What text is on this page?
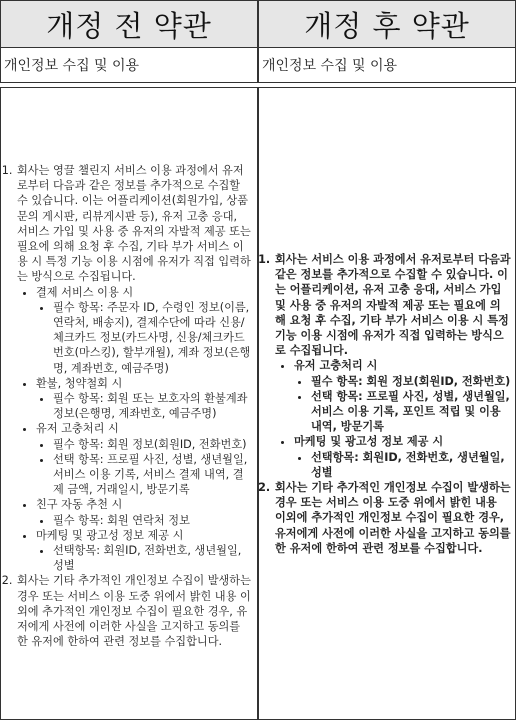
개정 전 약관	개정 후 약관
개인정보 수집 및 이용	개인정보 수집 및 이용
1. 회사는 영끌 챌린지 서비스 이용 과정에서 유저로부터 다음과 같은 정보를 추가적으로 수집할 수 있습니다. 이는 어플리케이션(회원가입, 상품문의 게시판, 리뷰게시판 등), 유저 고충 응대, 서비스 가입 및 사용 중 유저의 자발적 제공 또는 필요에 의해 요청 후 수집, 기타 부가 서비스 이용 시 특정 기능 이용 시점에 유저가 직접 입력하는 방식으로 수집됩니다.
• 결제 서비스 이용 시
• 필수 항목: 주문자 ID, 수령인 정보(이름, 연락처, 배송지), 결제수단에 따라 신용/체크카드 정보(카드사명, 신용/체크카드 번호(마스킹), 할부개월), 계좌 정보(은행명, 계좌번호, 예금주명)
• 환불, 청약철회 시
• 필수 항목: 회원 또는 보호자의 환불계좌 정보(은행명, 계좌번호, 예금주명)
• 유저 고충처리 시
• 필수 항목: 회원 정보(회원ID, 전화번호)
• 선택 항목: 프로필 사진, 성별, 생년월일, 서비스 이용 기록, 서비스 결제 내역, 결제 금액, 거래일시, 방문기록
• 친구 자동 추천 시
• 필수 항목: 회원 연락처 정보
• 마케팅 및 광고성 정보 제공 시
• 선택항목: 회원ID, 전화번호, 생년월일, 성별
2. 회사는 기타 추가적인 개인정보 수집이 발생하는 경우 또는 서비스 이용 도중 위에서 밝힌 내용 이외에 추가적인 개인정보 수집이 필요한 경우, 유저에게 사전에 이러한 사실을 고지하고 동의를 한 유저에 한하여 관련 정보를 수집합니다.
1. 회사는 서비스 이용 과정에서 유저로부터 다음과 같은 정보를 추가적으로 수집할 수 있습니다. 이는 어플리케이션, 유저 고충 응대, 서비스 가입 및 사용 중 유저의 자발적 제공 또는 필요에 의해 요청 후 수집, 기타 부가 서비스 이용 시 특정 기능 이용 시점에 유저가 직접 입력하는 방식으로 수집됩니다.
• 유저 고충처리 시
• 필수 항목: 회원 정보(회원ID, 전화번호)
• 선택 항목: 프로필 사진, 성별, 생년월일, 서비스 이용 기록, 포인트 적립 및 이용 내역, 방문기록
• 마케팅 및 광고성 정보 제공 시
• 선택항목: 회원ID, 전화번호, 생년월일, 성별
2. 회사는 기타 추가적인 개인정보 수집이 발생하는 경우 또는 서비스 이용 도중 위에서 밝힌 내용 이외에 추가적인 개인정보 수집이 필요한 경우, 유저에게 사전에 이러한 사실을 고지하고 동의를 한 유저에 한하여 관련 정보를 수집합니다.
